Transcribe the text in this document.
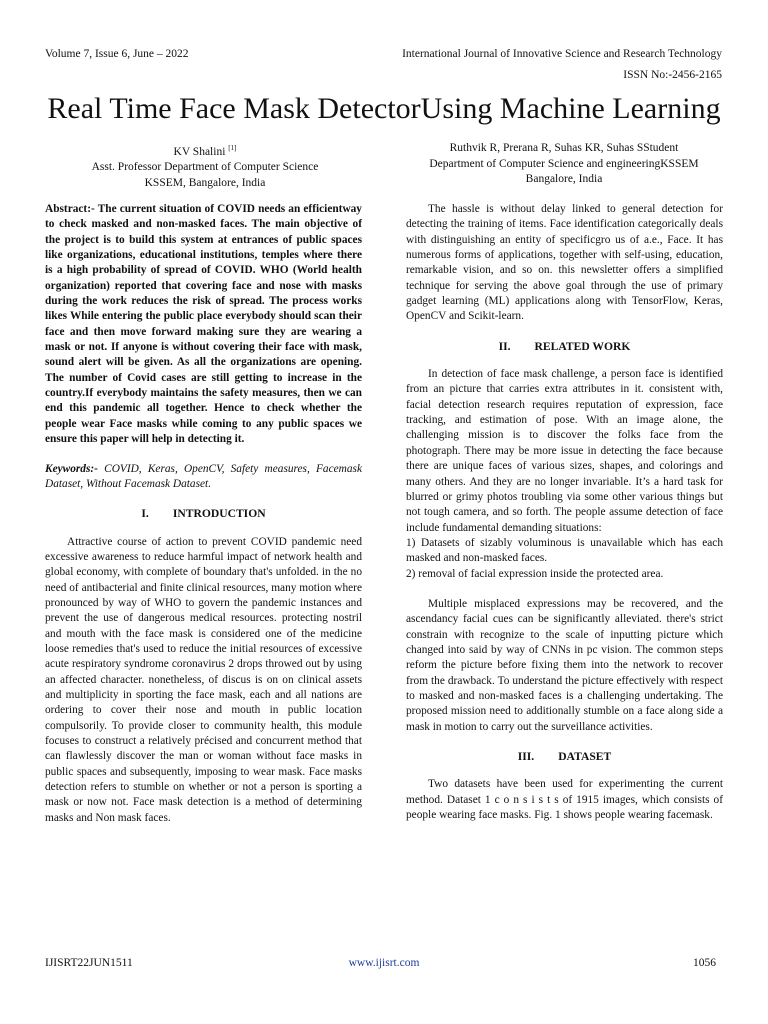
Volume 7, Issue 6, June – 2022	International Journal of Innovative Science and Research Technology
ISSN No:-2456-2165
Real Time Face Mask DetectorUsing Machine Learning
KV Shalini [1]
Asst. Professor Department of Computer Science
KSSEM, Bangalore, India
Ruthvik R, Prerana R, Suhas KR, Suhas SStudent
Department of Computer Science and engineeringKSSEM
Bangalore, India

Abstract:- The current situation of COVID needs an efficientway to check masked and non-masked faces. The main objective of the project is to build this system at entrances of public spaces like organizations, educational institutions, temples where there is a high probability of spread of COVID. WHO (World health organization) reported that covering face and nose with masks during the work reduces the risk of spread. The process works likes While entering the public place everybody should scan their face and then move forward making sure they are wearing a mask or not. If anyone is without covering their face with mask, sound alert will be given. As all the organizations are opening. The number of Covid cases are still getting to increase in the country.If everybody maintains the safety measures, then we can end this pandemic all together. Hence to check whether the people wear Face masks while coming to any public spaces we ensure this paper will help in detecting it.

Keywords:- COVID, Keras, OpenCV, Safety measures, Facemask Dataset, Without Facemask Dataset.

I. INTRODUCTION

Attractive course of action to prevent COVID pandemic need excessive awareness to reduce harmful impact of network health and global economy, with complete of boundary that's unfolded. in the no need of antibacterial and finite clinical resources, many motion where pronounced by way of WHO to govern the pandemic instances and prevent the use of dangerous medical resources. protecting nostril and mouth with the face mask is considered one of the medicine loose remedies that's used to reduce the initial resources of excessive acute respiratory syndrome coronavirus 2 drops throwed out by using an affected character. nonetheless, of discus is on on clinical assets and multiplicity in sporting the face mask, each and all nations are ordering to cover their nose and mouth in public location compulsorily. To provide closer to community health, this module focuses to construct a relatively précised and concurrent method that can flawlessly discover the man or woman without face masks in public spaces and subsequently, imposing to wear mask. Face masks detection refers to stumble on whether or not a person is sporting a mask or now not. Face mask detection is a method of determining masks and Non mask faces.

The hassle is without delay linked to general detection for detecting the training of items. Face identification categorically deals with distinguishing an entity of specificgro us of a.e., Face. It has numerous forms of applications, together with self-using, education, remarkable vision, and so on. this newsletter offers a simplified technique for serving the above goal through the use of primary gadget learning (ML) applications along with TensorFlow, Keras, OpenCV and Scikit-learn.

II. RELATED WORK

In detection of face mask challenge, a person face is identified from an picture that carries extra attributes in it. consistent with, facial detection research requires reputation of expression, face tracking, and estimation of pose. With an image alone, the challenging mission is to discover the folks face from the photograph. There may be more issue in detecting the face because there are unique faces of various sizes, shapes, and colorings and many others. And they are no longer invariable. It’s a hard task for blurred or grimy photos troubling via some other various things but not tough camera, and so forth. The people assume detection of face include fundamental demanding situations:

1) Datasets of sizably voluminous is unavailable which has each masked and non-masked faces.

2) removal of facial expression inside the protected area.

Multiple misplaced expressions may be recovered, and the ascendancy facial cues can be significantly alleviated. there's strict constrain with recognize to the scale of inputting picture which changed into said by way of CNNs in pc vision. The common steps reform the picture before fixing them into the network to recover from the drawback. To understand the picture effectively with respect to masked and non-masked faces is a challenging undertaking. The proposed mission need to additionally stumble on a face along side a mask in motion to carry out the surveillance activities.

III. DATASET

Two datasets have been used for experimenting the current method. Dataset 1 c o n s i s t s of 1915 images, which consists of people wearing face masks. Fig. 1 shows people wearing facemask.

IJISRT22JUN1511	www.ijisrt.com	1056
